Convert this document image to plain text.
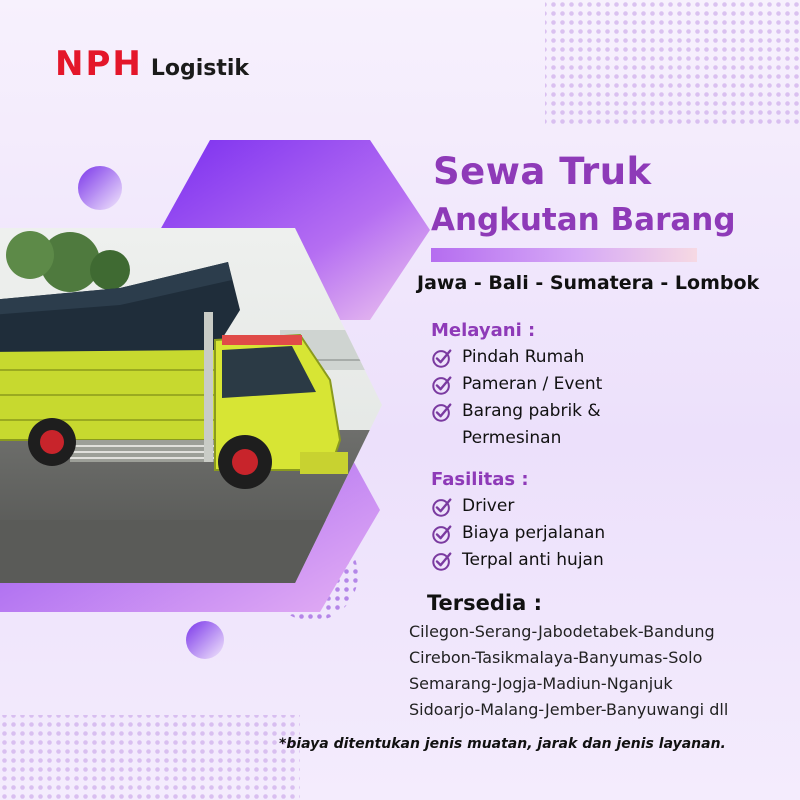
NPH Logistik
Sewa Truk
Angkutan Barang
Jawa - Bali - Sumatera - Lombok
Melayani :
Pindah Rumah
Pameran / Event
Barang pabrik &
Permesinan
Fasilitas :
Driver
Biaya perjalanan
Terpal anti hujan
Tersedia :
Cilegon-Serang-Jabodetabek-Bandung
Cirebon-Tasikmalaya-Banyumas-Solo
Semarang-Jogja-Madiun-Nganjuk
Sidoarjo-Malang-Jember-Banyuwangi dll
*biaya ditentukan jenis muatan, jarak dan jenis layanan.
